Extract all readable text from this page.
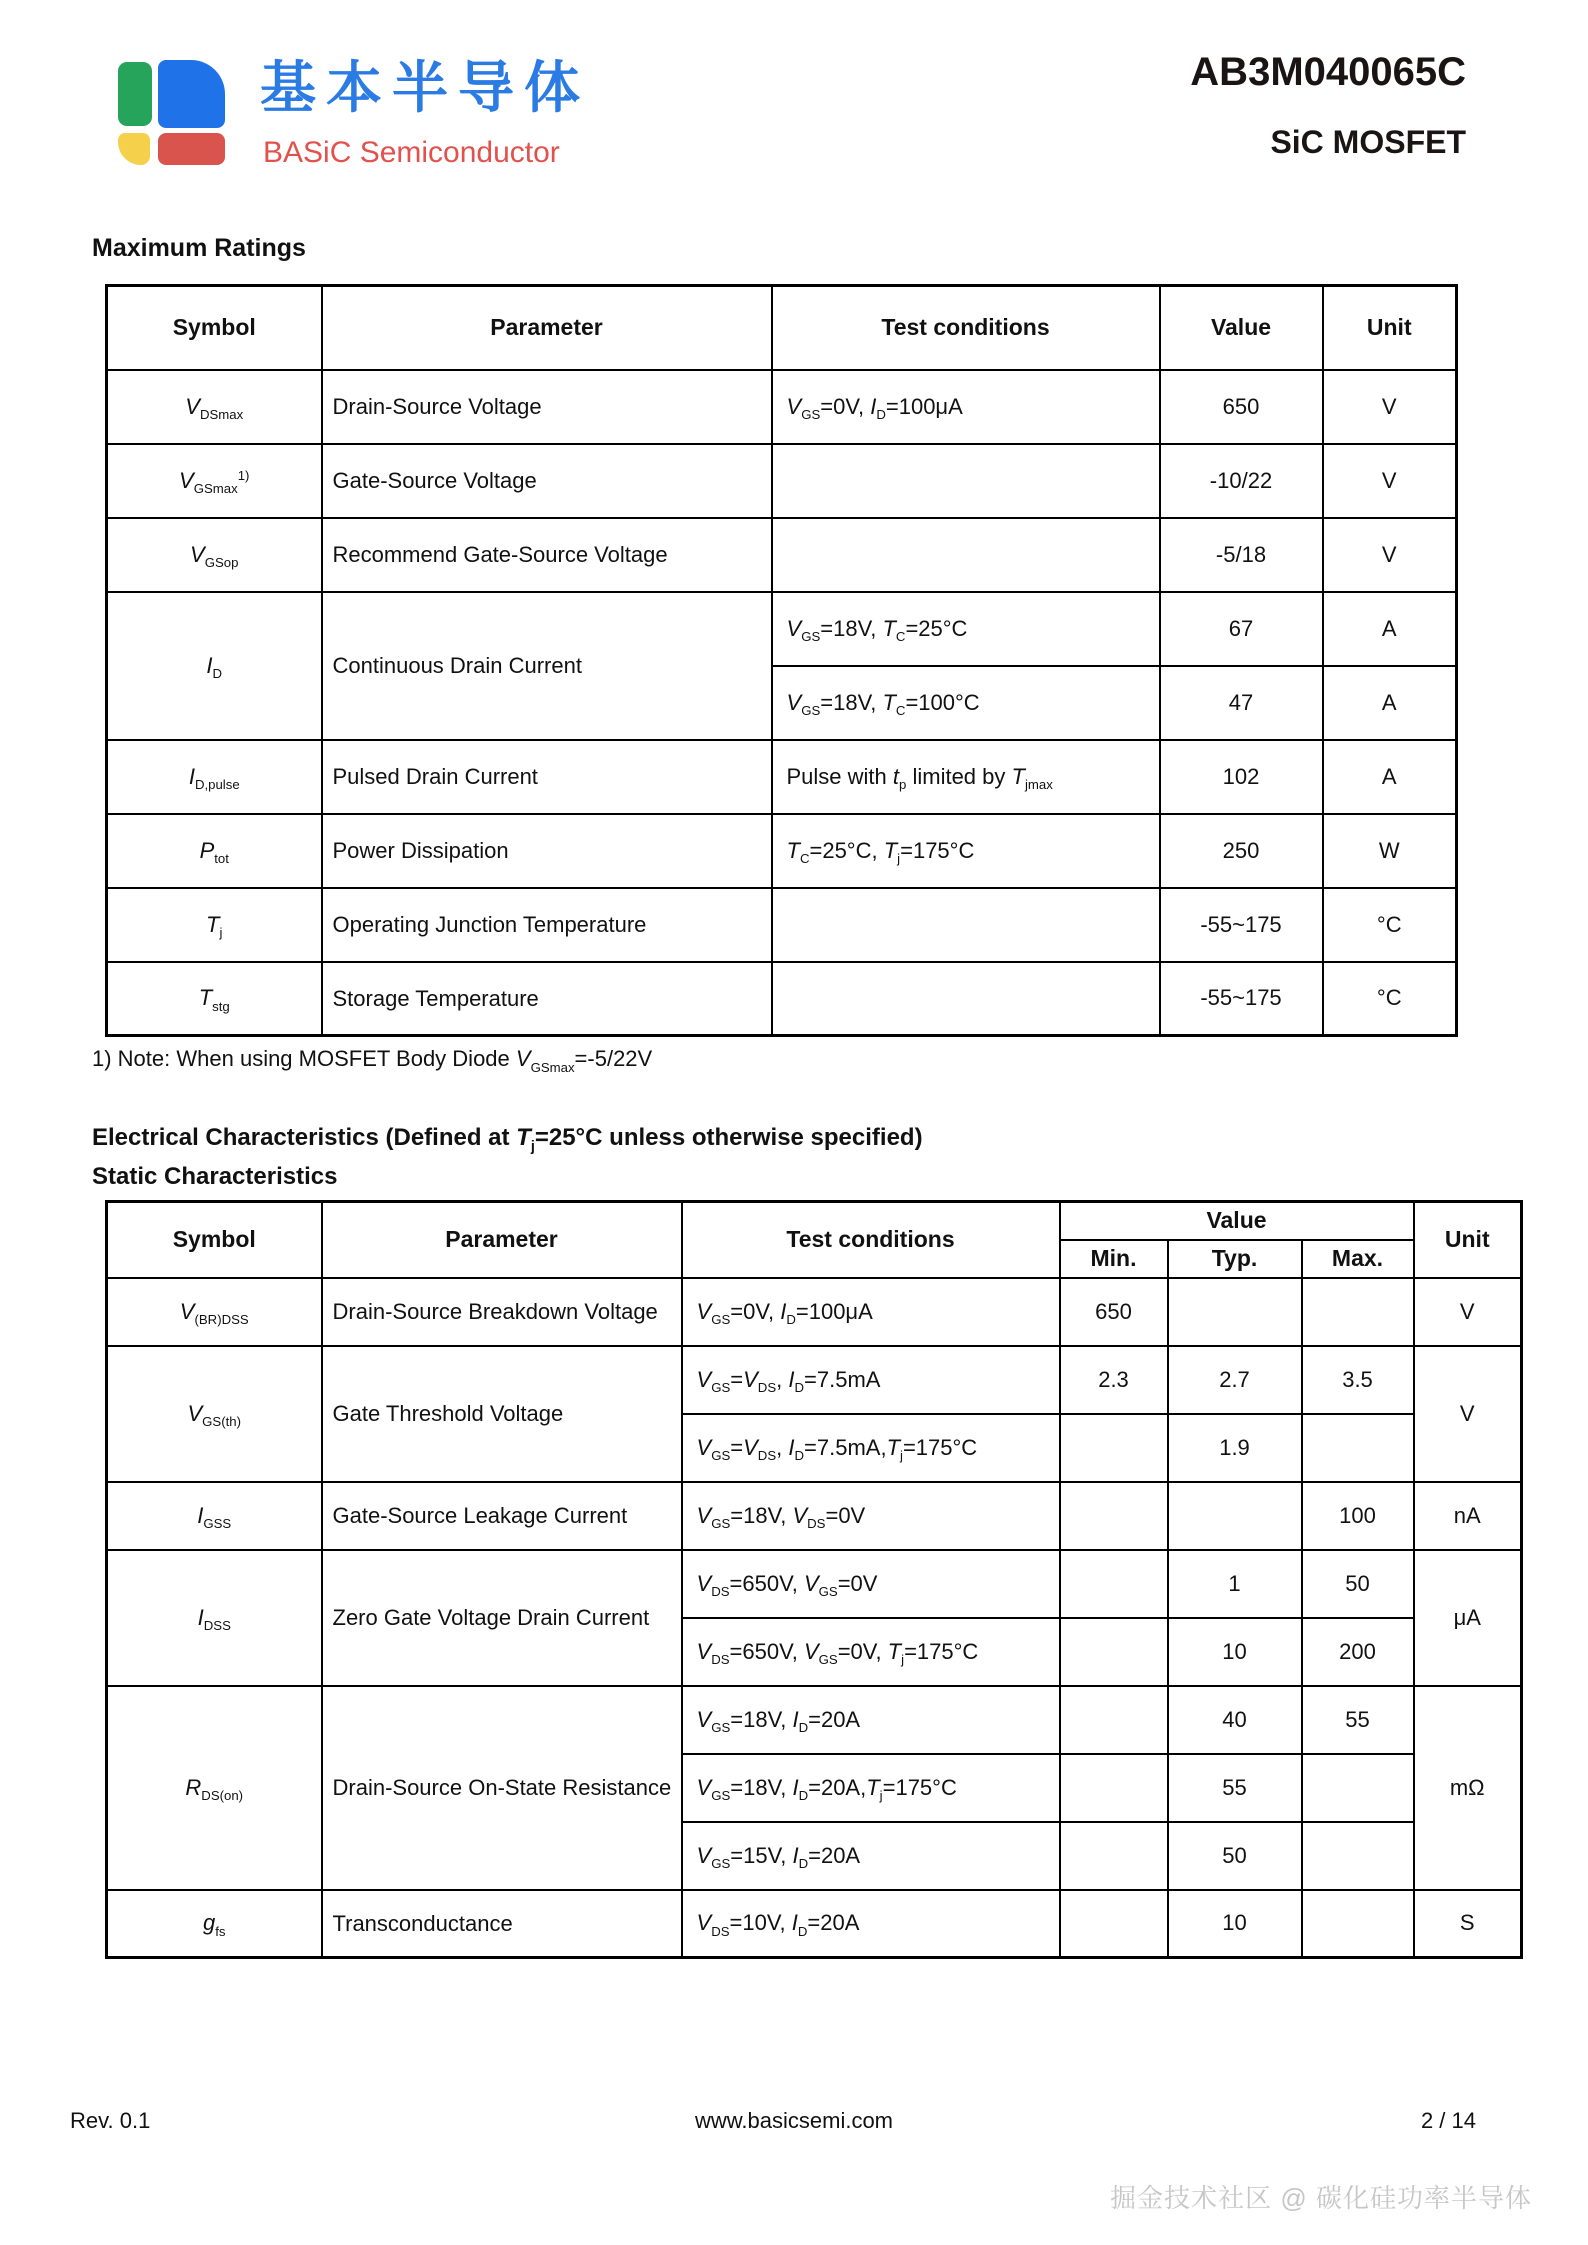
基本半导体
BASiC Semiconductor
AB3M040065C
SiC MOSFET
Maximum Ratings
Symbol	Parameter	Test conditions	Value	Unit
$V_{DSmax}$	Drain-Source Voltage	$V_{GS}=0V$, $I_D=100\mu A$	650	V
$V_{GSmax}^{1)}$	Gate-Source Voltage		-10/22	V
$V_{GSop}$	Recommend Gate-Source Voltage		-5/18	V
$I_D$	Continuous Drain Current	$V_{GS}=18V$, $T_C=25^\circ C$	67	A
		$V_{GS}=18V$, $T_C=100^\circ C$	47	A
$I_{D,pulse}$	Pulsed Drain Current	Pulse with $t_p$ limited by $T_{jmax}$	102	A
$P_{tot}$	Power Dissipation	$T_C=25^\circ C$, $T_j=175^\circ C$	250	W
$T_j$	Operating Junction Temperature		-55~175	°C
$T_{stg}$	Storage Temperature		-55~175	°C
1) Note: When using MOSFET Body Diode $V_{GSmax}=-5/22V$
Electrical Characteristics (Defined at $T_j=25^\circ C$ unless otherwise specified)
Static Characteristics
Symbol	Parameter	Test conditions	Value			Unit
			Min.	Typ.	Max.	
$V_{(BR)DSS}$	Drain-Source Breakdown Voltage	$V_{GS}=0V$, $I_D=100\mu A$	650			V
$V_{GS(th)}$	Gate Threshold Voltage	$V_{GS}=V_{DS}$, $I_D=7.5mA$	2.3	2.7	3.5	V
		$V_{GS}=V_{DS}$, $I_D=7.5mA,T_j=175^\circ C$		1.9		
$I_{GSS}$	Gate-Source Leakage Current	$V_{GS}=18V$, $V_{DS}=0V$			100	nA
$I_{DSS}$	Zero Gate Voltage Drain Current	$V_{DS}=650V$, $V_{GS}=0V$		1	50	μA
		$V_{DS}=650V$, $V_{GS}=0V$, $T_j=175^\circ C$		10	200	
$R_{DS(on)}$	Drain-Source On-State Resistance	$V_{GS}=18V$, $I_D=20A$		40	55	mΩ
		$V_{GS}=18V$, $I_D=20A,T_j=175^\circ C$		55		
		$V_{GS}=15V$, $I_D=20A$		50		
$g_{fs}$	Transconductance	$V_{DS}=10V$, $I_D=20A$		10		S
Rev. 0.1	www.basicsemi.com	2 / 14
掘金技术社区 @ 碳化硅功率半导体
